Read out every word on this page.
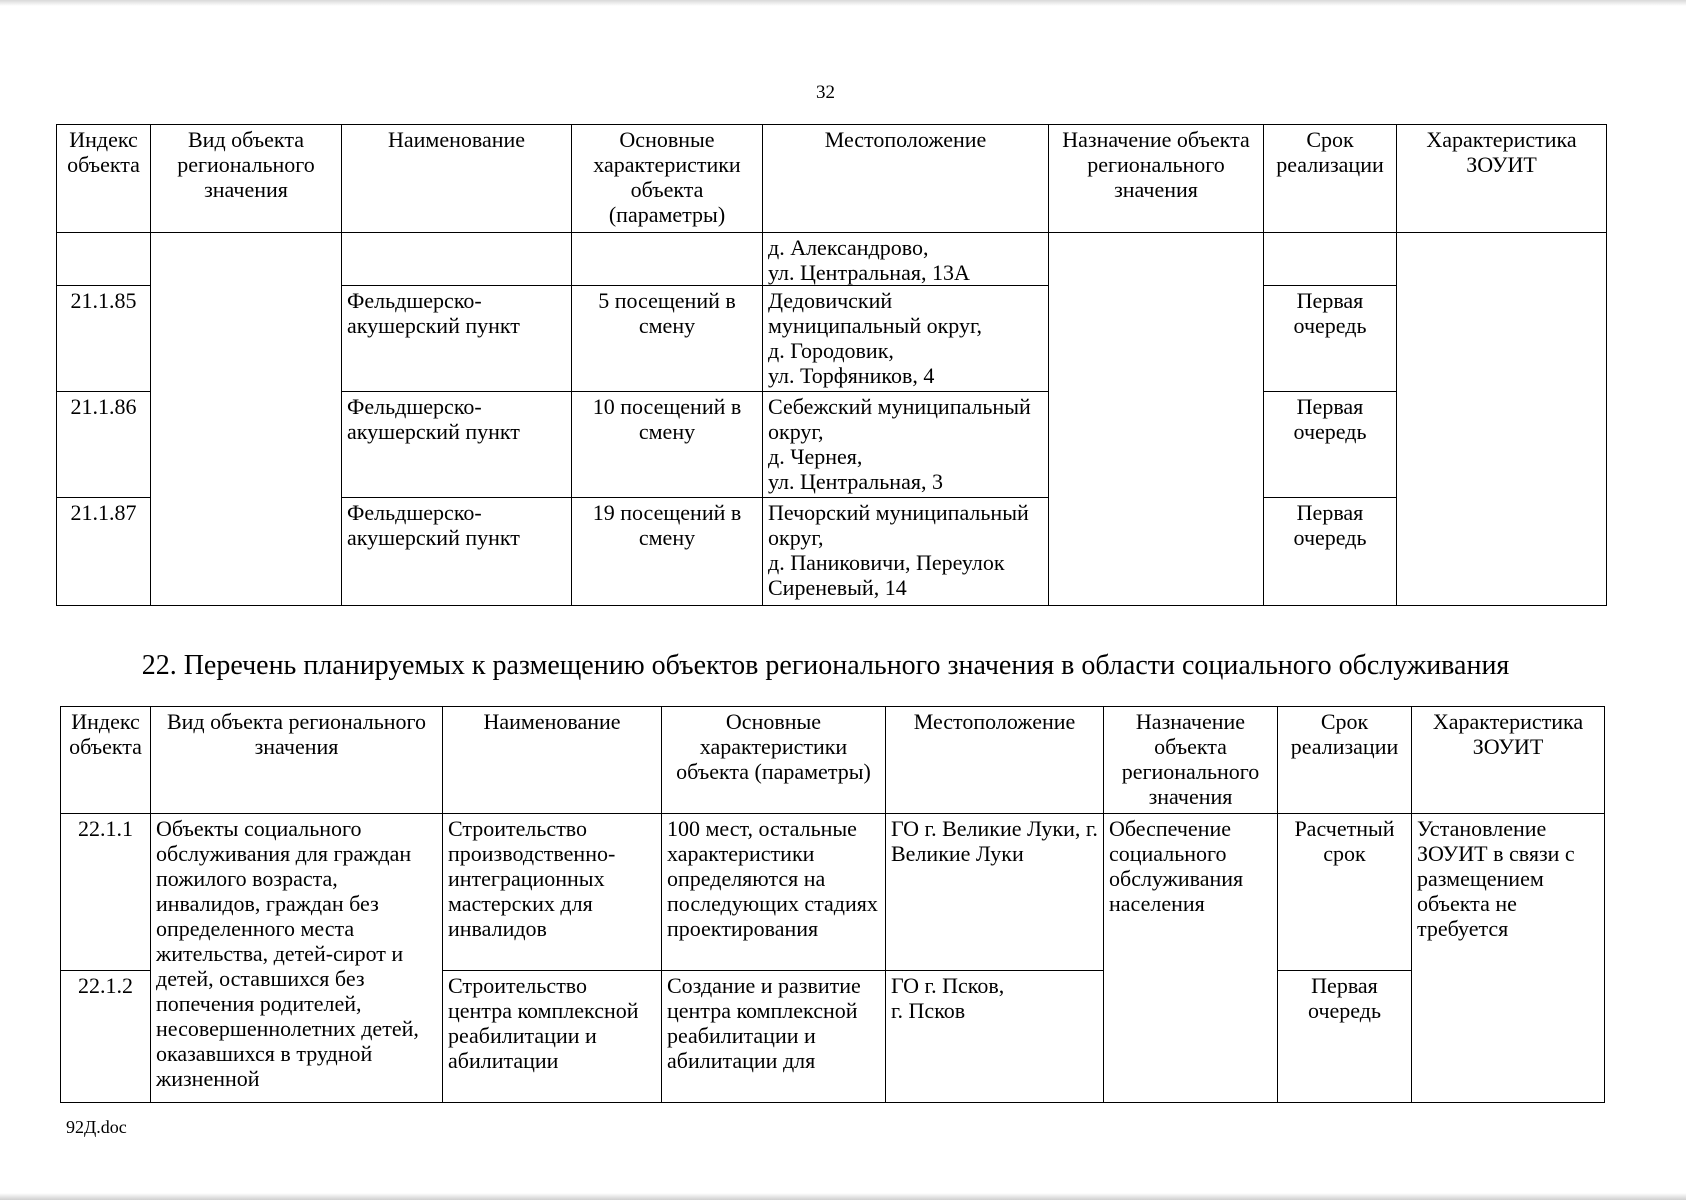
32
Индекс объекта	Вид объекта регионального значения	Наименование	Основные характеристики объекта (параметры)	Местоположение	Назначение объекта регионального значения	Срок реализации	Характеристика ЗОУИТ
				д. Александрово,
ул. Центральная, 13А			
21.1.85		Фельдшерско-акушерский пункт	5 посещений в смену	Дедовичский муниципальный округ,
д. Городовик,
ул. Торфяников, 4		Первая очередь	
21.1.86		Фельдшерско-акушерский пункт	10 посещений в смену	Себежский муниципальный округ,
д. Чернея,
ул. Центральная, 3		Первая очередь	
21.1.87		Фельдшерско-акушерский пункт	19 посещений в смену	Печорский муниципальный округ,
д. Паниковичи, Переулок Сиреневый, 14		Первая очередь	
22. Перечень планируемых к размещению объектов регионального значения в области социального обслуживания
Индекс объекта	Вид объекта регионального значения	Наименование	Основные характеристики объекта (параметры)	Местоположение	Назначение объекта регионального значения	Срок реализации	Характеристика ЗОУИТ
22.1.1	Объекты социального обслуживания для граждан пожилого возраста, инвалидов, граждан без определенного места жительства, детей-сирот и детей, оставшихся без попечения родителей, несовершеннолетних детей, оказавшихся в трудной жизненной	Строительство производственно-интеграционных мастерских для инвалидов	100 мест, остальные характеристики определяются на последующих стадиях проектирования	ГО г. Великие Луки, г. Великие Луки	Обеспечение социального обслуживания населения	Расчетный срок	Установление ЗОУИТ в связи с размещением объекта не требуется
22.1.2		Строительство центра комплексной реабилитации и абилитации	Создание и развитие центра комплексной реабилитации и абилитации для	ГО г. Псков,
г. Псков		Первая очередь	
92Д.doc
